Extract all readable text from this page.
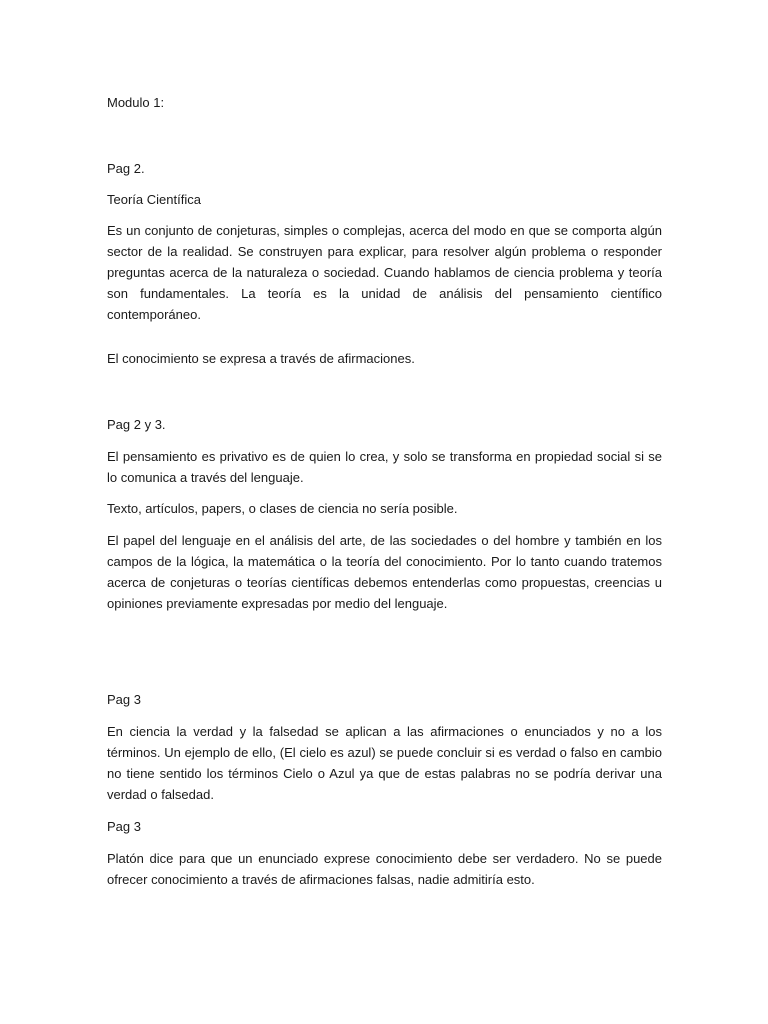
Modulo 1:

Pag 2.

Teoría Científica

Es un conjunto de conjeturas, simples o complejas, acerca del modo en que se comporta algún sector de la realidad. Se construyen para explicar, para resolver algún problema o responder preguntas acerca de la naturaleza o sociedad. Cuando hablamos de ciencia problema y teoría son fundamentales. La teoría es la unidad de análisis del pensamiento científico contemporáneo.

El conocimiento se expresa a través de afirmaciones.

Pag 2 y 3.

El pensamiento es privativo es de quien lo crea, y solo se transforma en propiedad social si se lo comunica a través del lenguaje.

Texto, artículos, papers, o clases de ciencia no sería posible.

El papel del lenguaje en el análisis del arte, de las sociedades o del hombre y también en los campos de la lógica, la matemática o la teoría del conocimiento. Por lo tanto cuando tratemos acerca de conjeturas o teorías científicas debemos entenderlas como propuestas, creencias u opiniones previamente expresadas por medio del lenguaje.

Pag 3

En ciencia la verdad y la falsedad se aplican a las afirmaciones o enunciados y no a los términos. Un ejemplo de ello, (El cielo es azul) se puede concluir si es verdad o falso en cambio no tiene sentido los términos Cielo o Azul ya que de estas palabras no se podría derivar una verdad o falsedad.

Pag 3

Platón dice para que un enunciado exprese conocimiento debe ser verdadero. No se puede ofrecer conocimiento a través de afirmaciones falsas, nadie admitiría esto.
